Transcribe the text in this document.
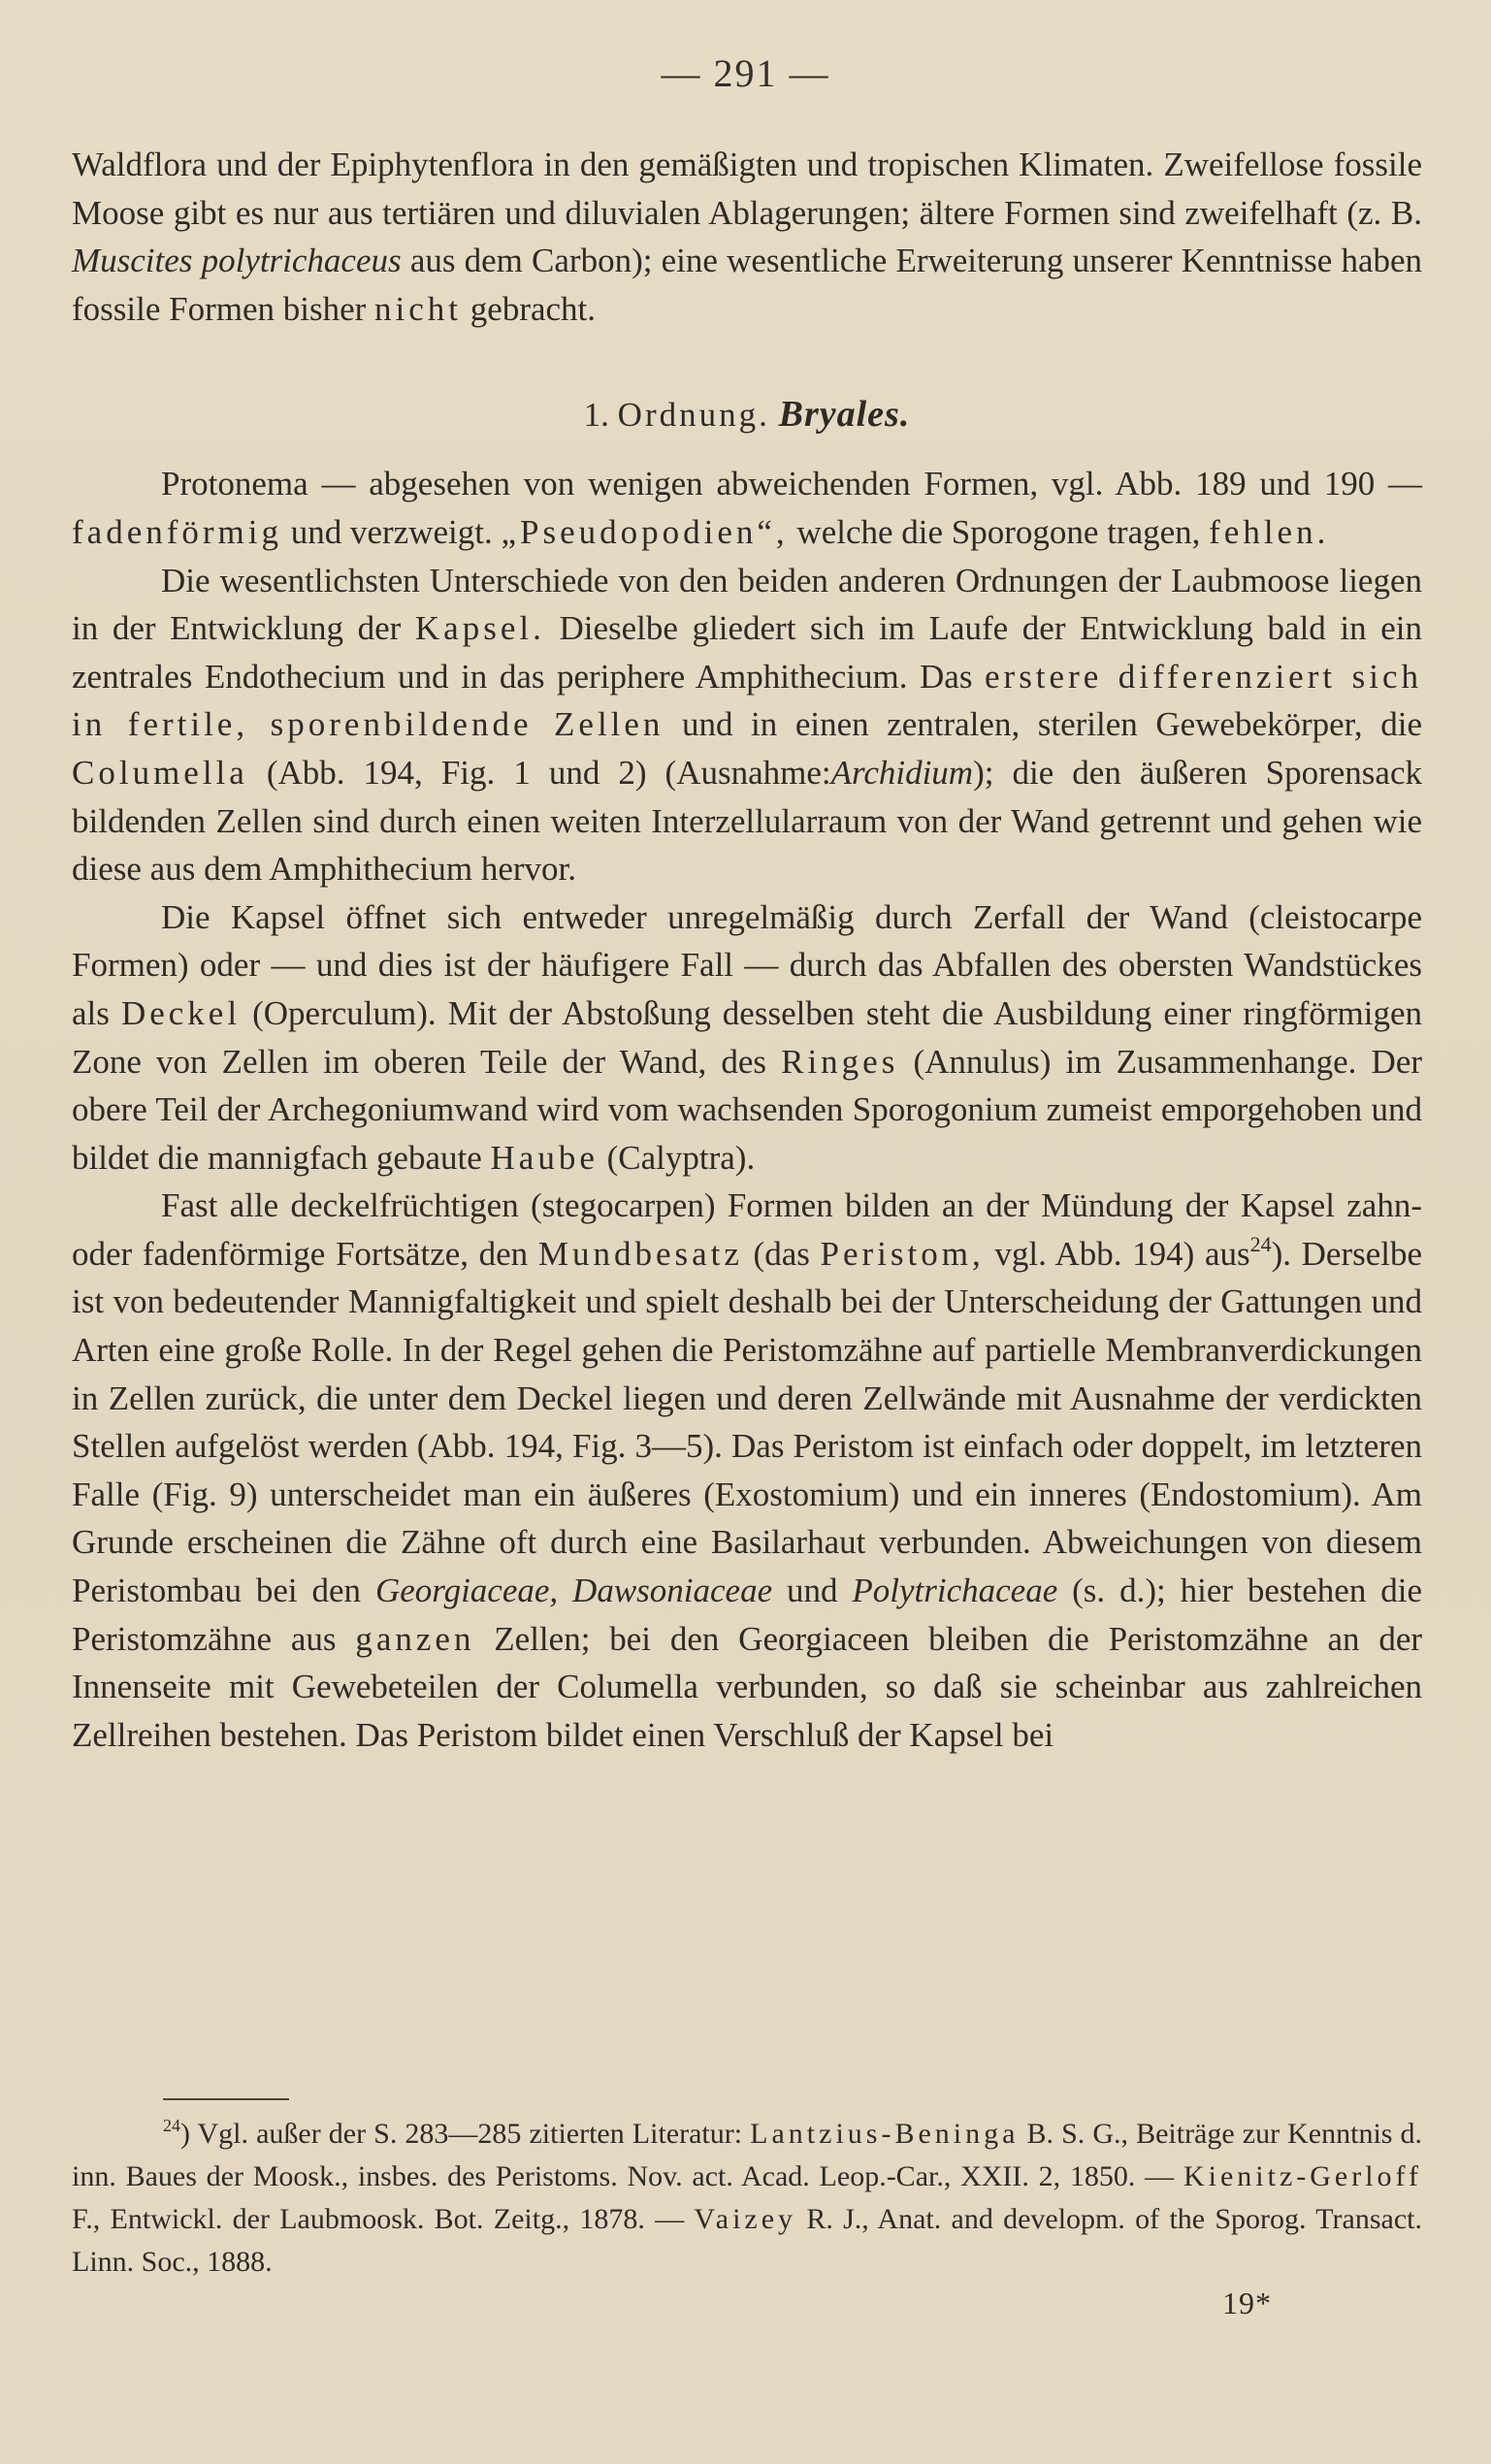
— 291 —

Waldflora und der Epiphytenflora in den gemäßigten und tropischen Klimaten. Zweifellose fossile Moose gibt es nur aus tertiären und diluvialen Ablagerungen; ältere Formen sind zweifelhaft (z. B. Muscites polytrichaceus aus dem Carbon); eine wesentliche Erweiterung unserer Kenntnisse haben fossile Formen bisher nicht gebracht.

1. Ordnung. Bryales.

Protonema — abgesehen von wenigen abweichenden Formen, vgl. Abb. 189 und 190 — fadenförmig und verzweigt. „Pseudopodien“, welche die Sporogone tragen, fehlen.

Die wesentlichsten Unterschiede von den beiden anderen Ordnungen der Laubmoose liegen in der Entwicklung der Kapsel. Dieselbe gliedert sich im Laufe der Entwicklung bald in ein zentrales Endothecium und in das periphere Amphithecium. Das erstere differenziert sich in fertile, sporenbildende Zellen und in einen zentralen, sterilen Gewebekörper, die Columella (Abb. 194, Fig. 1 und 2) (Ausnahme:Archidium); die den äußeren Sporensack bildenden Zellen sind durch einen weiten Interzellularraum von der Wand getrennt und gehen wie diese aus dem Amphithecium hervor.

Die Kapsel öffnet sich entweder unregelmäßig durch Zerfall der Wand (cleistocarpe Formen) oder — und dies ist der häufigere Fall — durch das Abfallen des obersten Wandstückes als Deckel (Operculum). Mit der Abstoßung desselben steht die Ausbildung einer ringförmigen Zone von Zellen im oberen Teile der Wand, des Ringes (Annulus) im Zusammenhange. Der obere Teil der Archegoniumwand wird vom wachsenden Sporogonium zumeist emporgehoben und bildet die mannigfach gebaute Haube (Calyptra).

Fast alle deckelfrüchtigen (stegocarpen) Formen bilden an der Mündung der Kapsel zahn- oder fadenförmige Fortsätze, den Mundbesatz (das Peristom, vgl. Abb. 194) aus$^{24}$). Derselbe ist von bedeutender Mannigfaltigkeit und spielt deshalb bei der Unterscheidung der Gattungen und Arten eine große Rolle. In der Regel gehen die Peristomzähne auf partielle Membranverdickungen in Zellen zurück, die unter dem Deckel liegen und deren Zellwände mit Ausnahme der verdickten Stellen aufgelöst werden (Abb. 194, Fig. 3—5). Das Peristom ist einfach oder doppelt, im letzteren Falle (Fig. 9) unterscheidet man ein äußeres (Exostomium) und ein inneres (Endostomium). Am Grunde erscheinen die Zähne oft durch eine Basilarhaut verbunden. Abweichungen von diesem Peristombau bei den Georgiaceae, Dawsoniaceae und Polytrichaceae (s. d.); hier bestehen die Peristomzähne aus ganzen Zellen; bei den Georgiaceen bleiben die Peristomzähne an der Innenseite mit Gewebeteilen der Columella verbunden, so daß sie scheinbar aus zahlreichen Zellreihen bestehen. Das Peristom bildet einen Verschluß der Kapsel bei

$^{24}$) Vgl. außer der S. 283—285 zitierten Literatur: Lantzius-Beninga B. S. G., Beiträge zur Kenntnis d. inn. Baues der Moosk., insbes. des Peristoms. Nov. act. Acad. Leop.-Car., XXII. 2, 1850. — Kienitz-Gerloff F., Entwickl. der Laubmoosk. Bot. Zeitg., 1878. — Vaizey R. J., Anat. and developm. of the Sporog. Transact. Linn. Soc., 1888.
19*
